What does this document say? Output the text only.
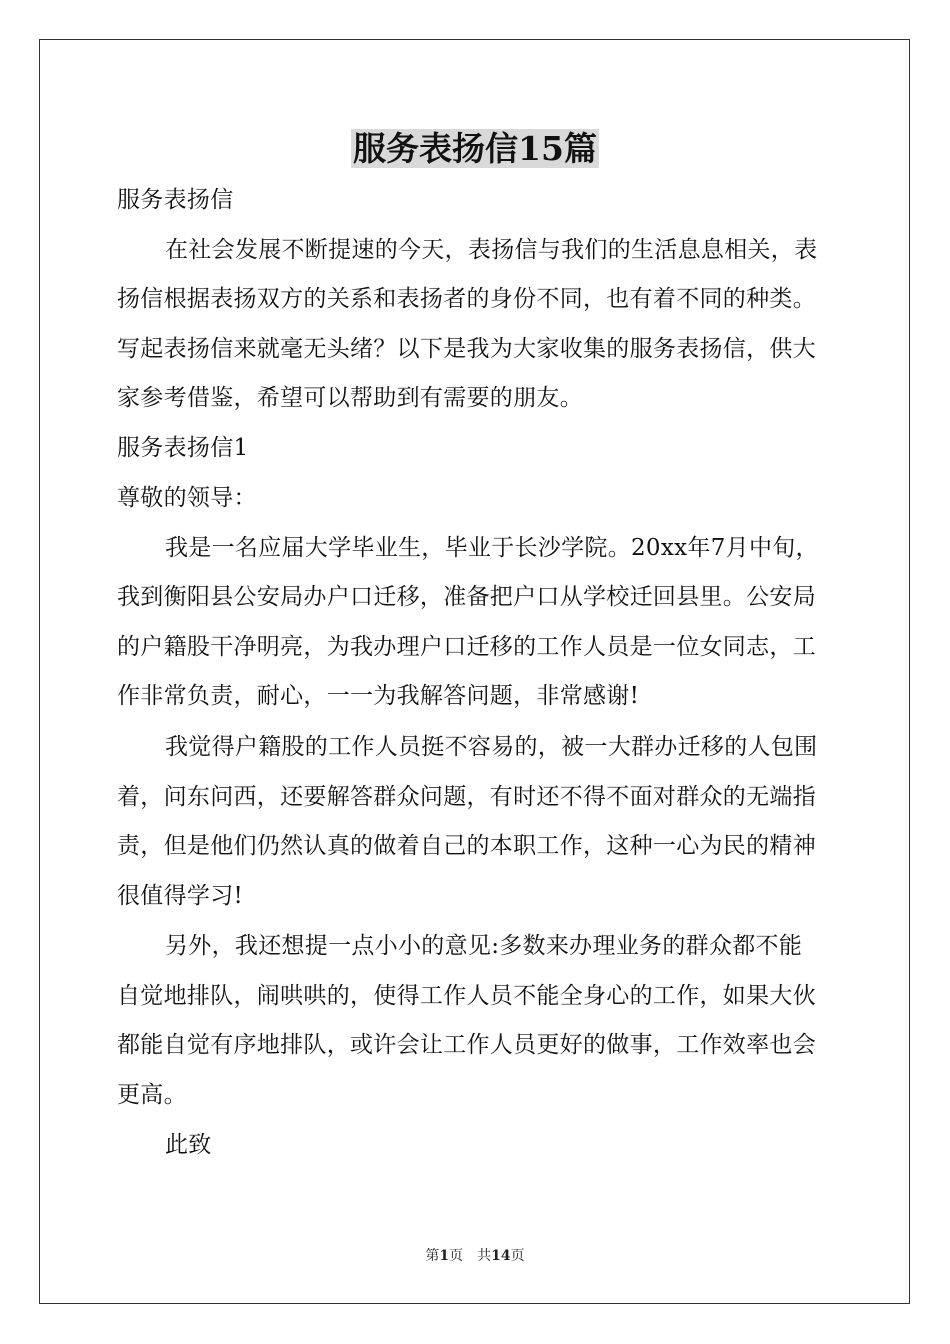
服务表扬信15篇
服务表扬信
在社会发展不断提速的今天，表扬信与我们的生活息息相关，表
扬信根据表扬双方的关系和表扬者的身份不同，也有着不同的种类。
写起表扬信来就毫无头绪？以下是我为大家收集的服务表扬信，供大
家参考借鉴，希望可以帮助到有需要的朋友。
服务表扬信1
尊敬的领导：
我是一名应届大学毕业生，毕业于长沙学院。20xx年7月中旬，
我到衡阳县公安局办户口迁移，准备把户口从学校迁回县里。公安局
的户籍股干净明亮，为我办理户口迁移的工作人员是一位女同志，工
作非常负责，耐心，一一为我解答问题，非常感谢!
我觉得户籍股的工作人员挺不容易的，被一大群办迁移的人包围
着，问东问西，还要解答群众问题，有时还不得不面对群众的无端指
责，但是他们仍然认真的做着自己的本职工作，这种一心为民的精神
很值得学习!
另外，我还想提一点小小的意见:多数来办理业务的群众都不能
自觉地排队，闹哄哄的，使得工作人员不能全身心的工作，如果大伙
都能自觉有序地排队，或许会让工作人员更好的做事，工作效率也会
更高。
此致
第1页　共14页
